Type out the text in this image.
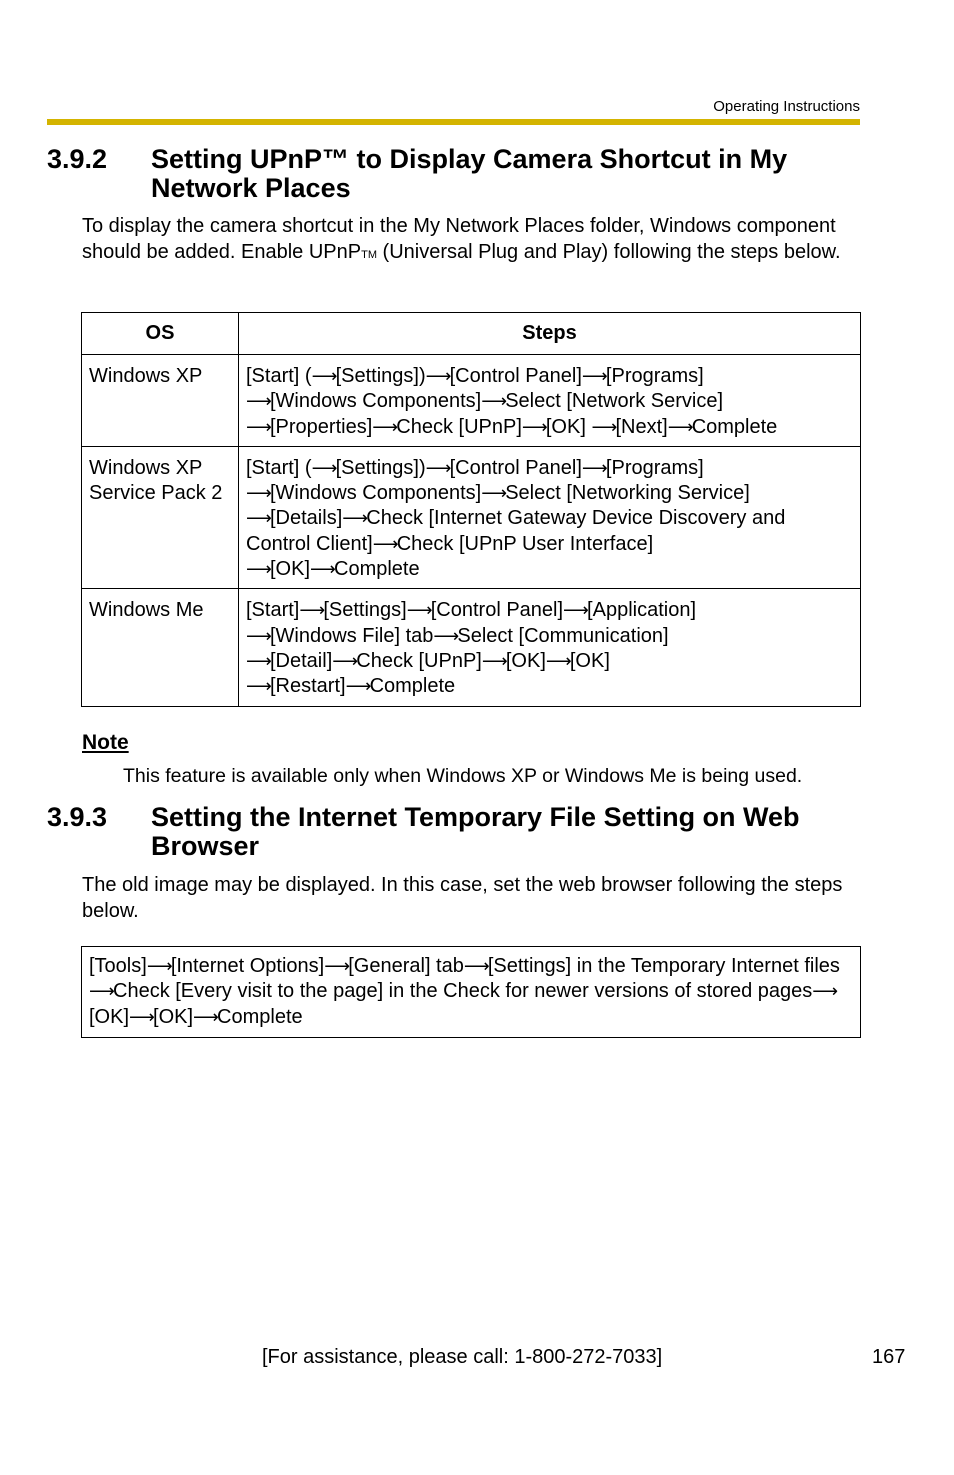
Operating Instructions
3.9.2 Setting UPnP™ to Display Camera Shortcut in My Network Places
To display the camera shortcut in the My Network Places folder, Windows component should be added. Enable UPnPTM (Universal Plug and Play) following the steps below.
OS	Steps
Windows XP	[Start] (⟶[Settings])⟶[Control Panel]⟶[Programs]
⟶[Windows Components]⟶Select [Network Service]
⟶[Properties]⟶Check [UPnP]⟶[OK] ⟶[Next]⟶Complete
Windows XP Service Pack 2	[Start] (⟶[Settings])⟶[Control Panel]⟶[Programs]
⟶[Windows Components]⟶Select [Networking Service]
⟶[Details]⟶Check [Internet Gateway Device Discovery and Control Client]⟶Check [UPnP User Interface]
⟶[OK]⟶Complete
Windows Me	[Start]⟶[Settings]⟶[Control Panel]⟶[Application]
⟶[Windows File] tab⟶Select [Communication]
⟶[Detail]⟶Check [UPnP]⟶[OK]⟶[OK]
⟶[Restart]⟶Complete
Note
This feature is available only when Windows XP or Windows Me is being used.
3.9.3 Setting the Internet Temporary File Setting on Web Browser
The old image may be displayed. In this case, set the web browser following the steps below.
[Tools]⟶[Internet Options]⟶[General] tab⟶[Settings] in the Temporary Internet files⟶Check [Every visit to the page] in the Check for newer versions of stored pages⟶[OK]⟶[OK]⟶Complete
[For assistance, please call: 1-800-272-7033]	167
